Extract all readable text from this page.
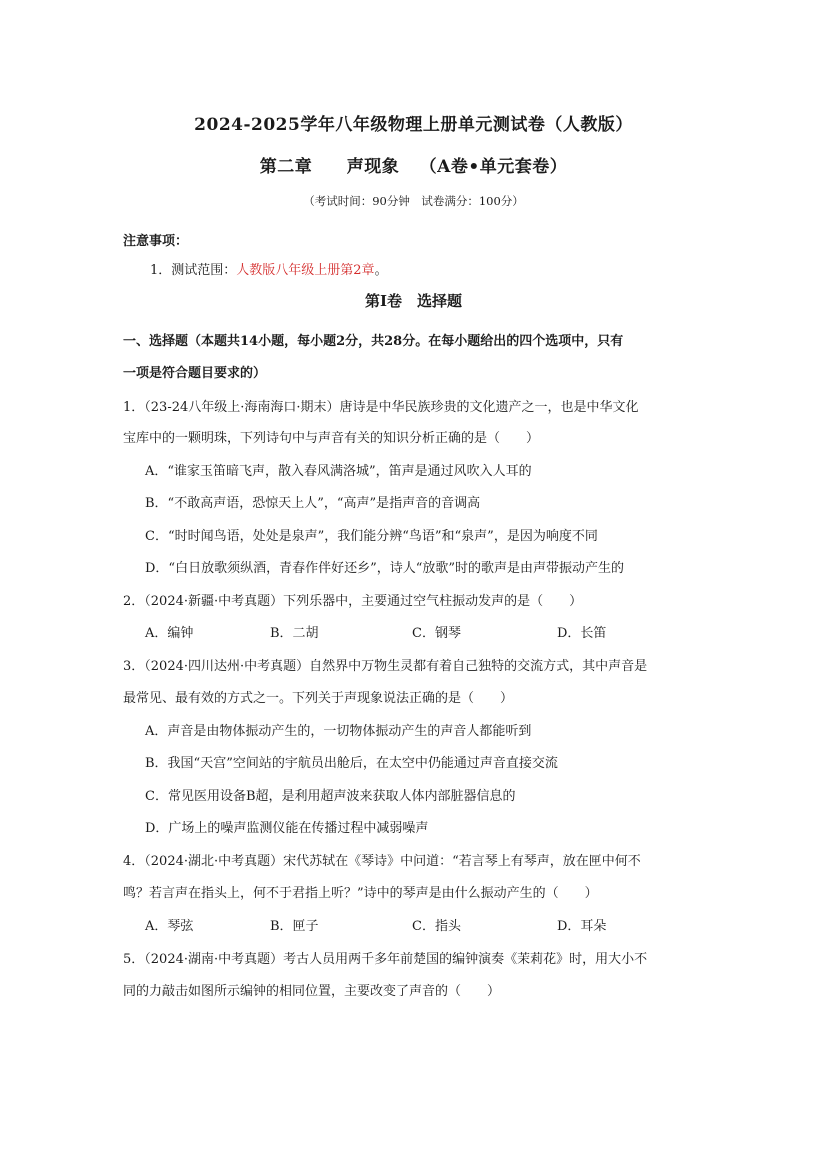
2024-2025学年八年级物理上册单元测试卷（人教版）
第二章 声现象 （A卷•单元套卷）
（考试时间：90分钟　试卷满分：100分）
注意事项：
1．测试范围：人教版八年级上册第2章。
第Ⅰ卷　选择题
一、选择题（本题共14小题，每小题2分，共28分。在每小题给出的四个选项中，只有
一项是符合题目要求的）
1．（23-24八年级上·海南海口·期末）唐诗是中华民族珍贵的文化遗产之一，也是中华文化
宝库中的一颗明珠，下列诗句中与声音有关的知识分析正确的是（　　）
A．“谁家玉笛暗飞声，散入春风满洛城”，笛声是通过风吹入人耳的
B．“不敢高声语，恐惊天上人”，“高声”是指声音的音调高
C．“时时闻鸟语，处处是泉声”，我们能分辨“鸟语”和“泉声”，是因为响度不同
D．“白日放歌须纵酒，青春作伴好还乡”，诗人“放歌”时的歌声是由声带振动产生的
2．（2024·新疆·中考真题）下列乐器中，主要通过空气柱振动发声的是（　　）
A．编钟	B．二胡	C．钢琴	D．长笛
3．（2024·四川达州·中考真题）自然界中万物生灵都有着自己独特的交流方式，其中声音是
最常见、最有效的方式之一。下列关于声现象说法正确的是（　　）
A．声音是由物体振动产生的，一切物体振动产生的声音人都能听到
B．我国“天宫”空间站的宇航员出舱后，在太空中仍能通过声音直接交流
C．常见医用设备B超，是利用超声波来获取人体内部脏器信息的
D．广场上的噪声监测仪能在传播过程中减弱噪声
4．（2024·湖北·中考真题）宋代苏轼在《琴诗》中问道：“若言琴上有琴声，放在匣中何不
鸣？若言声在指头上，何不于君指上听？”诗中的琴声是由什么振动产生的（　　）
A．琴弦	B．匣子	C．指头	D．耳朵
5．（2024·湖南·中考真题）考古人员用两千多年前楚国的编钟演奏《茉莉花》时，用大小不
同的力敲击如图所示编钟的相同位置，主要改变了声音的（　　）
